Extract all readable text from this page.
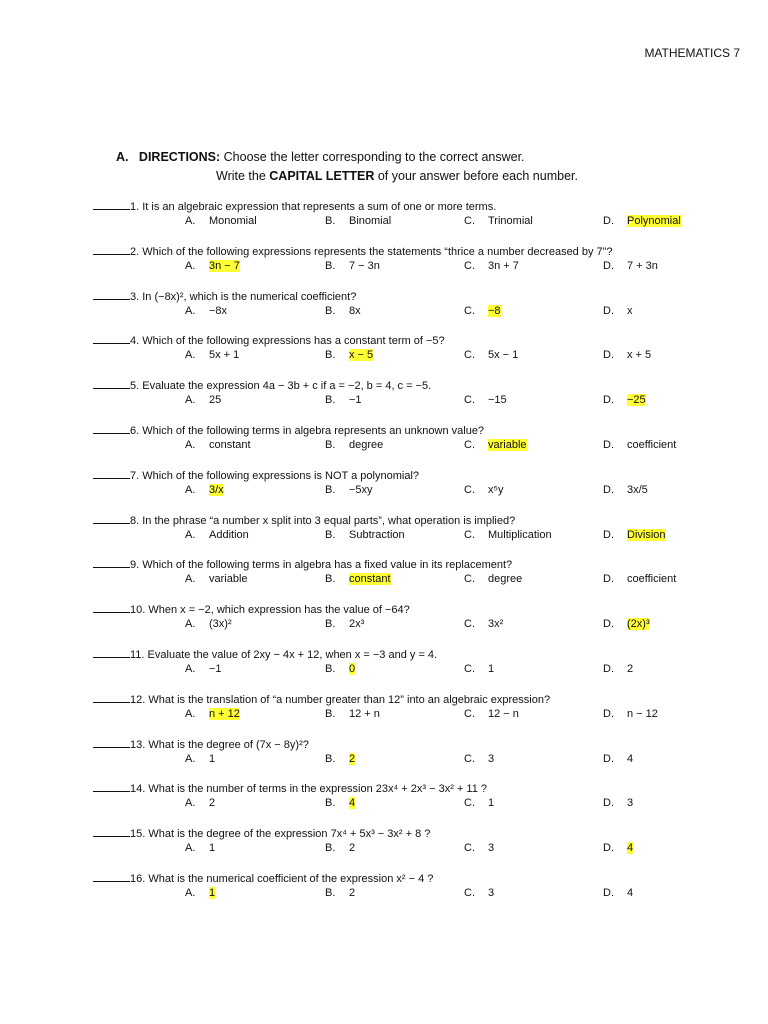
MATHEMATICS 7
A. DIRECTIONS: Choose the letter corresponding to the correct answer.
Write the CAPITAL LETTER of your answer before each number.
1. It is an algebraic expression that represents a sum of one or more terms.
A. Monomial	B. Binomial	C. Trinomial	D. Polynomial
2. Which of the following expressions represents the statements “thrice a number decreased by 7”?
A. 3n − 7	B. 7 − 3n	C. 3n + 7	D. 7 + 3n
3. In (−8x)², which is the numerical coefficient?
A. −8x	B. 8x	C. −8	D. x
4. Which of the following expressions has a constant term of −5?
A. 5x + 1	B. x − 5	C. 5x − 1	D. x + 5
5. Evaluate the expression 4a − 3b + c if a = −2, b = 4, c = −5.
A. 25	B. −1	C. −15	D. −25
6. Which of the following terms in algebra represents an unknown value?
A. constant	B. degree	C. variable	D. coefficient
7. Which of the following expressions is NOT a polynomial?
A. 3/x	B. −5xy	C. x⁵y	D. 3x/5
8. In the phrase “a number x split into 3 equal parts”, what operation is implied?
A. Addition	B. Subtraction	C. Multiplication	D. Division
9. Which of the following terms in algebra has a fixed value in its replacement?
A. variable	B. constant	C. degree	D. coefficient
10. When x = −2, which expression has the value of −64?
A. (3x)²	B. 2x³	C. 3x²	D. (2x)³
11. Evaluate the value of 2xy − 4x + 12, when x = −3 and y = 4.
A. −1	B. 0	C. 1	D. 2
12. What is the translation of “a number greater than 12” into an algebraic expression?
A. n + 12	B. 12 + n	C. 12 − n	D. n − 12
13. What is the degree of (7x − 8y)²?
A. 1	B. 2	C. 3	D. 4
14. What is the number of terms in the expression 23x⁴ + 2x³ − 3x² + 11 ?
A. 2	B. 4	C. 1	D. 3
15. What is the degree of the expression 7x⁴ + 5x³ − 3x² + 8 ?
A. 1	B. 2	C. 3	D. 4
16. What is the numerical coefficient of the expression x² − 4 ?
A. 1	B. 2	C. 3	D. 4
